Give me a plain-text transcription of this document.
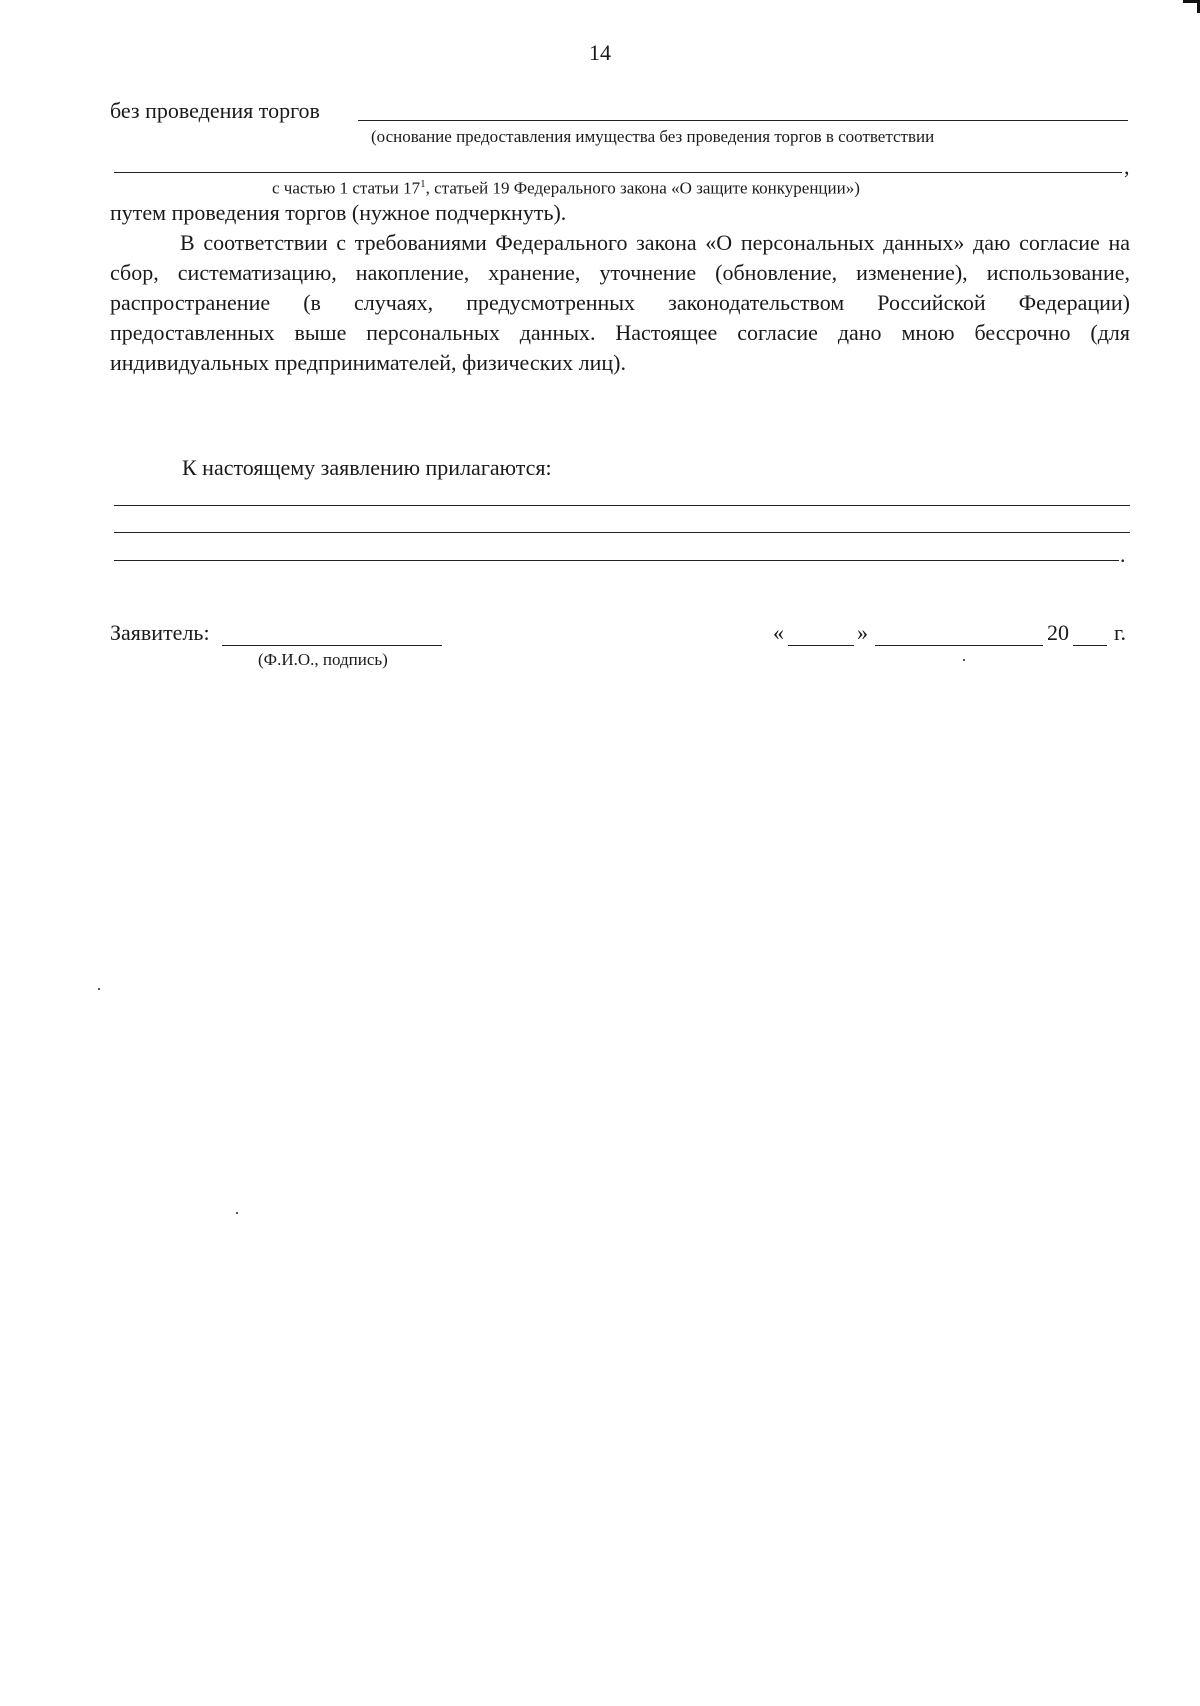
14
без проведения торгов
(основание предоставления имущества без проведения торгов в соответствии
,
с частью 1 статьи $17^1$, статьей 19 Федерального закона «О защите конкуренции»)
путем проведения торгов (нужное подчеркнуть).

В соответствии с требованиями Федерального закона «О персональных данных» даю согласие на сбор, систематизацию, накопление, хранение, уточнение (обновление, изменение), использование, распространение (в случаях, предусмотренных законодательством Российской Федерации) предоставленных выше персональных данных. Настоящее согласие дано мною бессрочно (для индивидуальных предпринимателей, физических лиц).

К настоящему заявлению прилагаются:
.
Заявитель:
(Ф.И.О., подпись)
«	»	20 г.
